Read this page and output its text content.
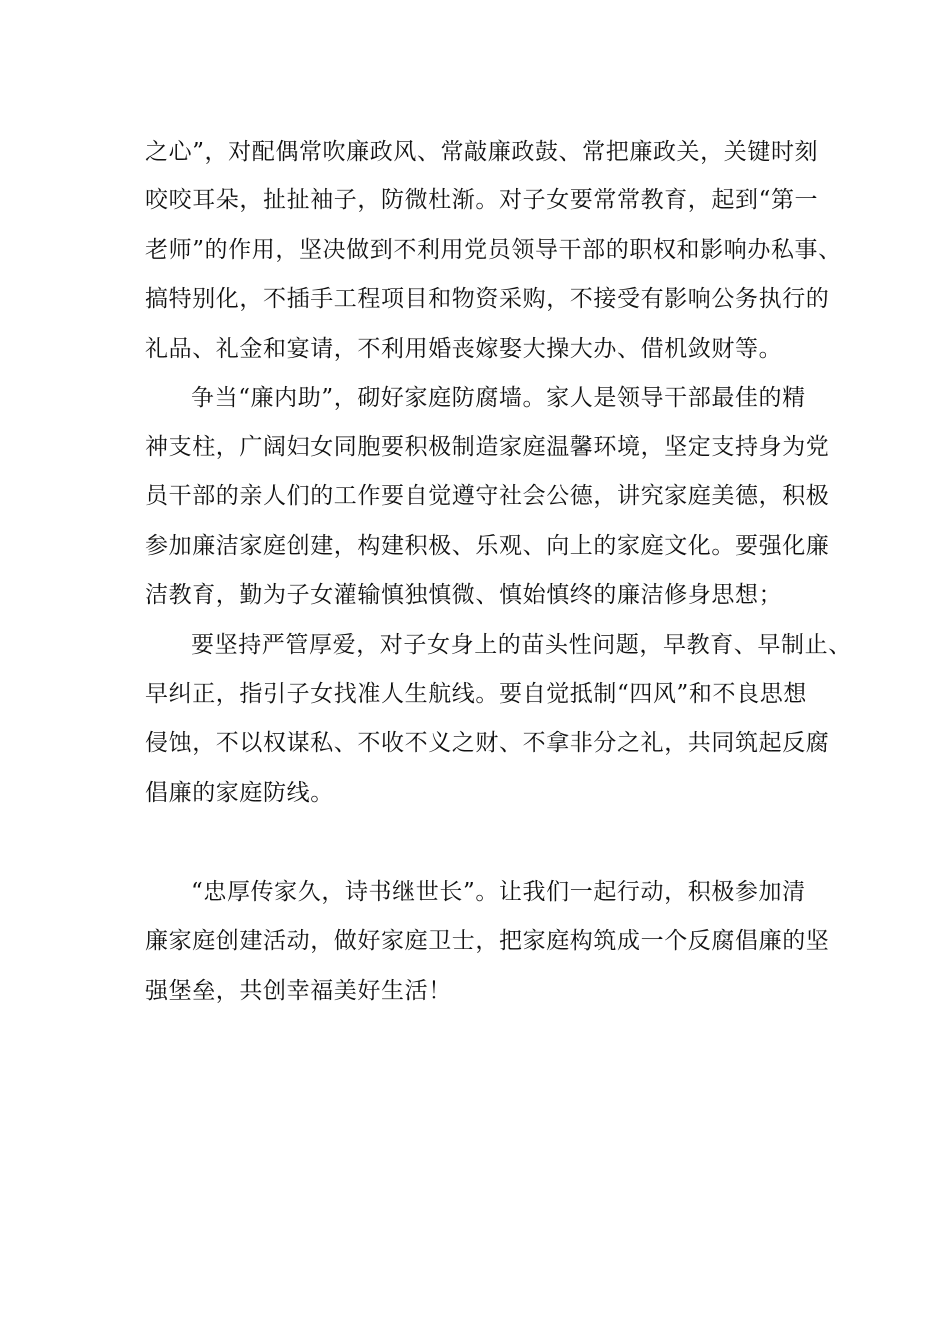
之心”，对配偶常吹廉政风、常敲廉政鼓、常把廉政关，关键时刻
咬咬耳朵，扯扯袖子，防微杜渐。对子女要常常教育，起到“第一
老师”的作用，坚决做到不利用党员领导干部的职权和影响办私事、
搞特别化，不插手工程项目和物资采购，不接受有影响公务执行的
礼品、礼金和宴请，不利用婚丧嫁娶大操大办、借机敛财等。
争当“廉内助”，砌好家庭防腐墙。家人是领导干部最佳的精
神支柱，广阔妇女同胞要积极制造家庭温馨环境，坚定支持身为党
员干部的亲人们的工作要自觉遵守社会公德，讲究家庭美德，积极
参加廉洁家庭创建，构建积极、乐观、向上的家庭文化。要强化廉
洁教育，勤为子女灌输慎独慎微、慎始慎终的廉洁修身思想；
要坚持严管厚爱，对子女身上的苗头性问题，早教育、早制止、
早纠正，指引子女找准人生航线。要自觉抵制“四风”和不良思想
侵蚀，不以权谋私、不收不义之财、不拿非分之礼，共同筑起反腐
倡廉的家庭防线。
“忠厚传家久，诗书继世长”。让我们一起行动，积极参加清
廉家庭创建活动，做好家庭卫士，把家庭构筑成一个反腐倡廉的坚
强堡垒，共创幸福美好生活！
